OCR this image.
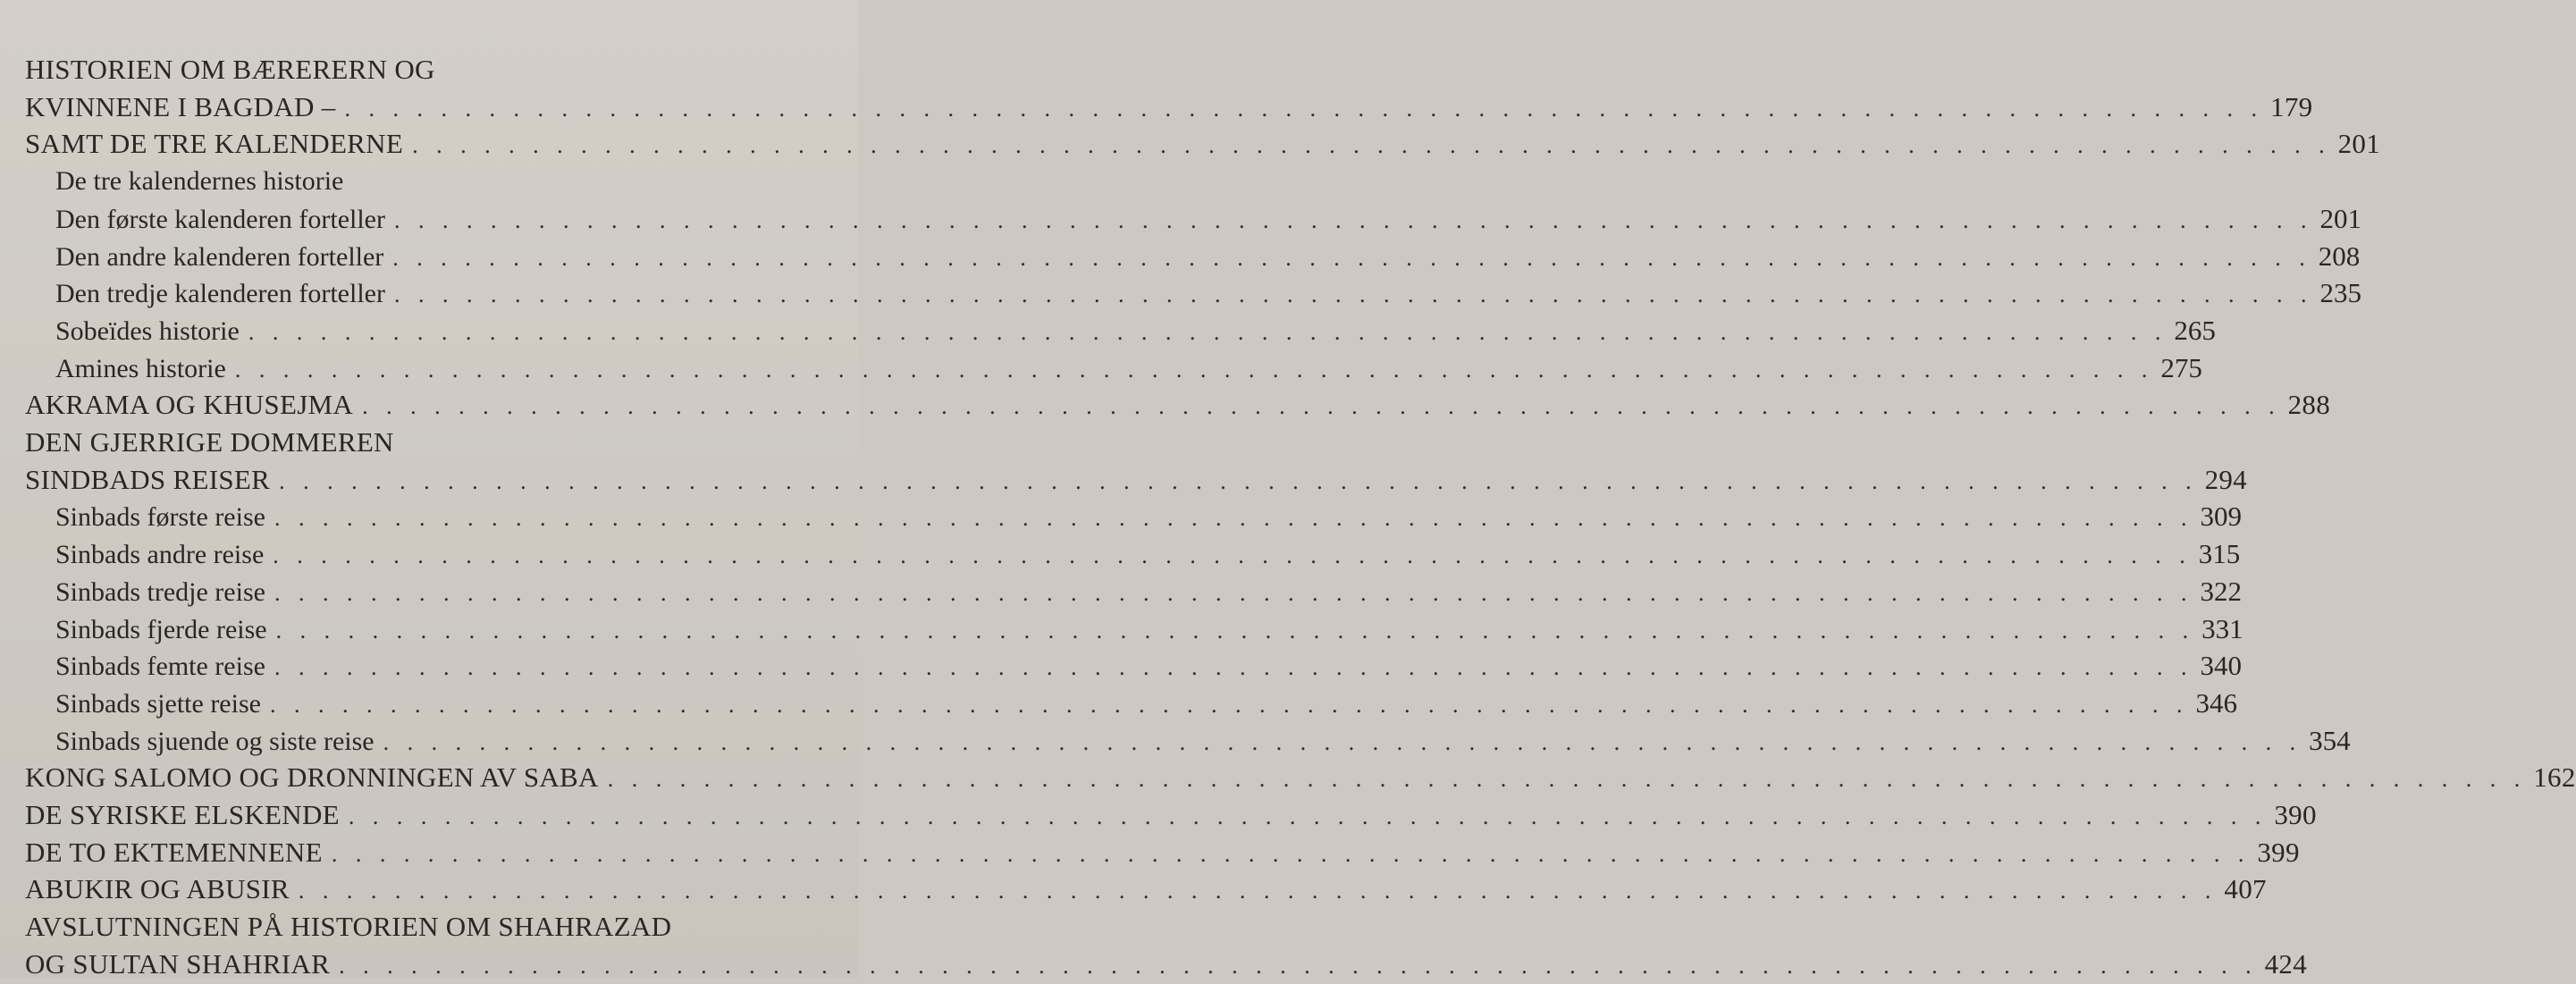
HISTORIEN OM BÆRERERN OG
KVINNENE I BAGDAD – . . . . . . . . . . . . . . . . . . . . . . . . . . . . . . . . . . . . . . . . . . . . . . . . . . . . . . . . . . . . . . . . . . . . . . . . . . . . . . . . 179
SAMT DE TRE KALENDERNE . . . . . . . . . . . . . . . . . . . . . . . . . . . . . . . . . . . . . . . . . . . . . . . . . . . . . . . . . . . . . . . . . . . . . . . . . . . . . . . . 201
De tre kalendernes historie
Den første kalenderen forteller . . . . . . . . . . . . . . . . . . . . . . . . . . . . . . . . . . . . . . . . . . . . . . . . . . . . . . . . . . . . . . . . . . . . . . . . . . . . . . . . 201
Den andre kalenderen forteller . . . . . . . . . . . . . . . . . . . . . . . . . . . . . . . . . . . . . . . . . . . . . . . . . . . . . . . . . . . . . . . . . . . . . . . . . . . . . . . . 208
Den tredje kalenderen forteller . . . . . . . . . . . . . . . . . . . . . . . . . . . . . . . . . . . . . . . . . . . . . . . . . . . . . . . . . . . . . . . . . . . . . . . . . . . . . . . . 235
Sobeïdes historie . . . . . . . . . . . . . . . . . . . . . . . . . . . . . . . . . . . . . . . . . . . . . . . . . . . . . . . . . . . . . . . . . . . . . . . . . . . . . . . . 265
Amines historie . . . . . . . . . . . . . . . . . . . . . . . . . . . . . . . . . . . . . . . . . . . . . . . . . . . . . . . . . . . . . . . . . . . . . . . . . . . . . . . . 275
AKRAMA OG KHUSEJMA . . . . . . . . . . . . . . . . . . . . . . . . . . . . . . . . . . . . . . . . . . . . . . . . . . . . . . . . . . . . . . . . . . . . . . . . . . . . . . . . 288
DEN GJERRIGE DOMMEREN
SINDBADS REISER . . . . . . . . . . . . . . . . . . . . . . . . . . . . . . . . . . . . . . . . . . . . . . . . . . . . . . . . . . . . . . . . . . . . . . . . . . . . . . . . 294
Sinbads første reise . . . . . . . . . . . . . . . . . . . . . . . . . . . . . . . . . . . . . . . . . . . . . . . . . . . . . . . . . . . . . . . . . . . . . . . . . . . . . . . . 309
Sinbads andre reise . . . . . . . . . . . . . . . . . . . . . . . . . . . . . . . . . . . . . . . . . . . . . . . . . . . . . . . . . . . . . . . . . . . . . . . . . . . . . . . . 315
Sinbads tredje reise . . . . . . . . . . . . . . . . . . . . . . . . . . . . . . . . . . . . . . . . . . . . . . . . . . . . . . . . . . . . . . . . . . . . . . . . . . . . . . . . 322
Sinbads fjerde reise . . . . . . . . . . . . . . . . . . . . . . . . . . . . . . . . . . . . . . . . . . . . . . . . . . . . . . . . . . . . . . . . . . . . . . . . . . . . . . . . 331
Sinbads femte reise . . . . . . . . . . . . . . . . . . . . . . . . . . . . . . . . . . . . . . . . . . . . . . . . . . . . . . . . . . . . . . . . . . . . . . . . . . . . . . . . 340
Sinbads sjette reise . . . . . . . . . . . . . . . . . . . . . . . . . . . . . . . . . . . . . . . . . . . . . . . . . . . . . . . . . . . . . . . . . . . . . . . . . . . . . . . . 346
Sinbads sjuende og siste reise . . . . . . . . . . . . . . . . . . . . . . . . . . . . . . . . . . . . . . . . . . . . . . . . . . . . . . . . . . . . . . . . . . . . . . . . . . . . . . . . 354
KONG SALOMO OG DRONNINGEN AV SABA . . . . . . . . . . . . . . . . . . . . . . . . . . . . . . . . . . . . . . . . . . . . . . . . . . . . . . . . . . . . . . . . . . . . . . . . . . . . . . . . 162
DE SYRISKE ELSKENDE . . . . . . . . . . . . . . . . . . . . . . . . . . . . . . . . . . . . . . . . . . . . . . . . . . . . . . . . . . . . . . . . . . . . . . . . . . . . . . . . 390
DE TO EKTEMENNENE . . . . . . . . . . . . . . . . . . . . . . . . . . . . . . . . . . . . . . . . . . . . . . . . . . . . . . . . . . . . . . . . . . . . . . . . . . . . . . . . 399
ABUKIR OG ABUSIR . . . . . . . . . . . . . . . . . . . . . . . . . . . . . . . . . . . . . . . . . . . . . . . . . . . . . . . . . . . . . . . . . . . . . . . . . . . . . . . . 407
AVSLUTNINGEN PÅ HISTORIEN OM SHAHRAZAD
OG SULTAN SHAHRIAR . . . . . . . . . . . . . . . . . . . . . . . . . . . . . . . . . . . . . . . . . . . . . . . . . . . . . . . . . . . . . . . . . . . . . . . . . . . . . . . . 424
